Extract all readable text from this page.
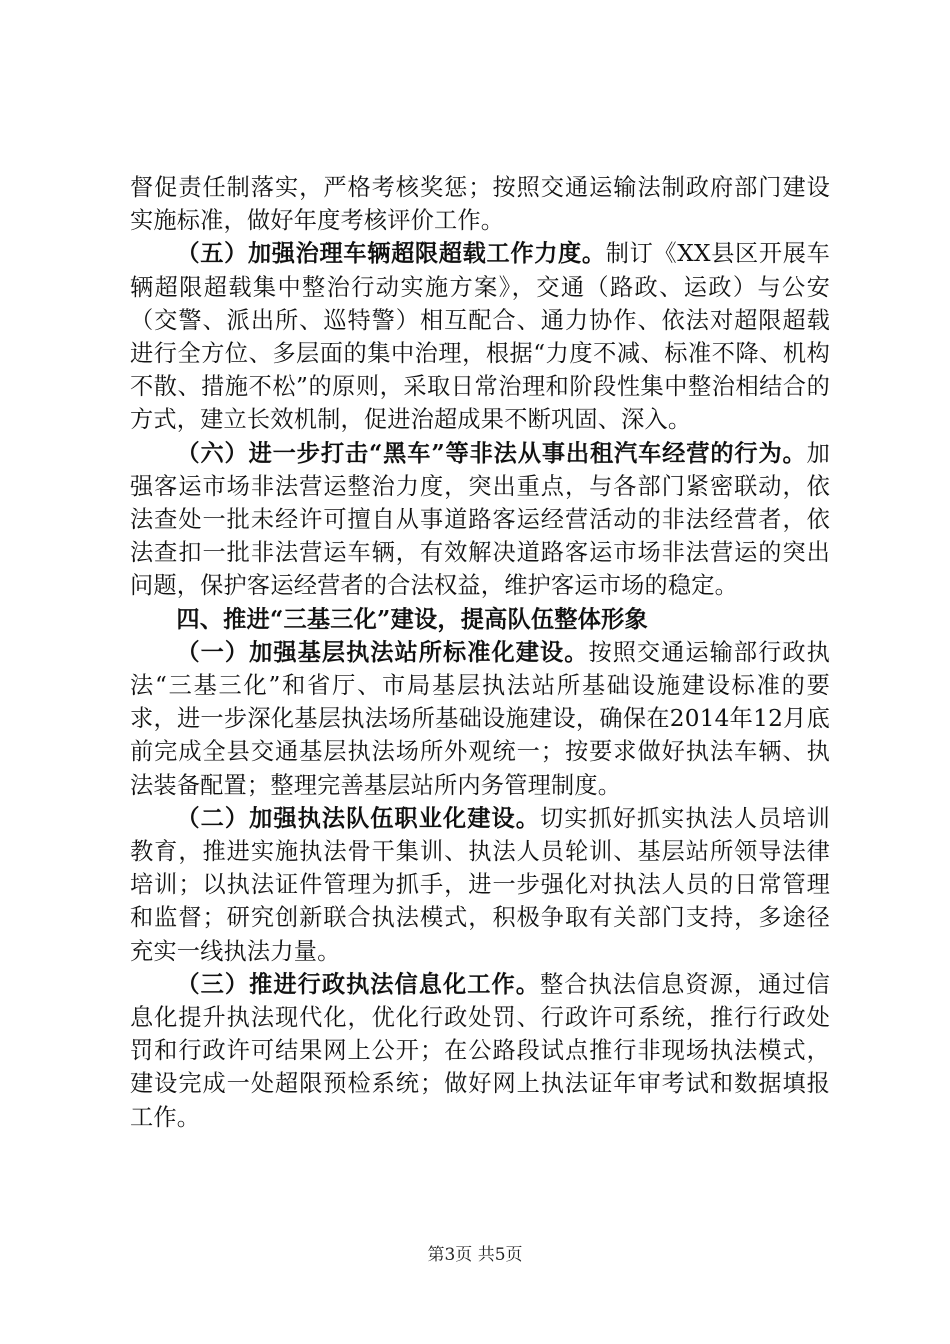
督促责任制落实，严格考核奖惩；按照交通运输法制政府部门建设实施标准，做好年度考核评价工作。

（五）加强治理车辆超限超载工作力度。制订《XX县区开展车辆超限超载集中整治行动实施方案》，交通（路政、运政）与公安（交警、派出所、巡特警）相互配合、通力协作、依法对超限超载进行全方位、多层面的集中治理，根据“力度不减、标准不降、机构不散、措施不松”的原则，采取日常治理和阶段性集中整治相结合的方式，建立长效机制，促进治超成果不断巩固、深入。

（六）进一步打击“黑车”等非法从事出租汽车经营的行为。加强客运市场非法营运整治力度，突出重点，与各部门紧密联动，依法查处一批未经许可擅自从事道路客运经营活动的非法经营者，依法查扣一批非法营运车辆，有效解决道路客运市场非法营运的突出问题，保护客运经营者的合法权益，维护客运市场的稳定。

四、推进“三基三化”建设，提高队伍整体形象

（一）加强基层执法站所标准化建设。按照交通运输部行政执法“三基三化”和省厅、市局基层执法站所基础设施建设标准的要求，进一步深化基层执法场所基础设施建设，确保在2014年12月底前完成全县交通基层执法场所外观统一；按要求做好执法车辆、执法装备配置；整理完善基层站所内务管理制度。

（二）加强执法队伍职业化建设。切实抓好抓实执法人员培训教育，推进实施执法骨干集训、执法人员轮训、基层站所领导法律培训；以执法证件管理为抓手，进一步强化对执法人员的日常管理和监督；研究创新联合执法模式，积极争取有关部门支持，多途径充实一线执法力量。

（三）推进行政执法信息化工作。整合执法信息资源，通过信息化提升执法现代化，优化行政处罚、行政许可系统，推行行政处罚和行政许可结果网上公开；在公路段试点推行非现场执法模式，建设完成一处超限预检系统；做好网上执法证年审考试和数据填报工作。

第3页 共5页
